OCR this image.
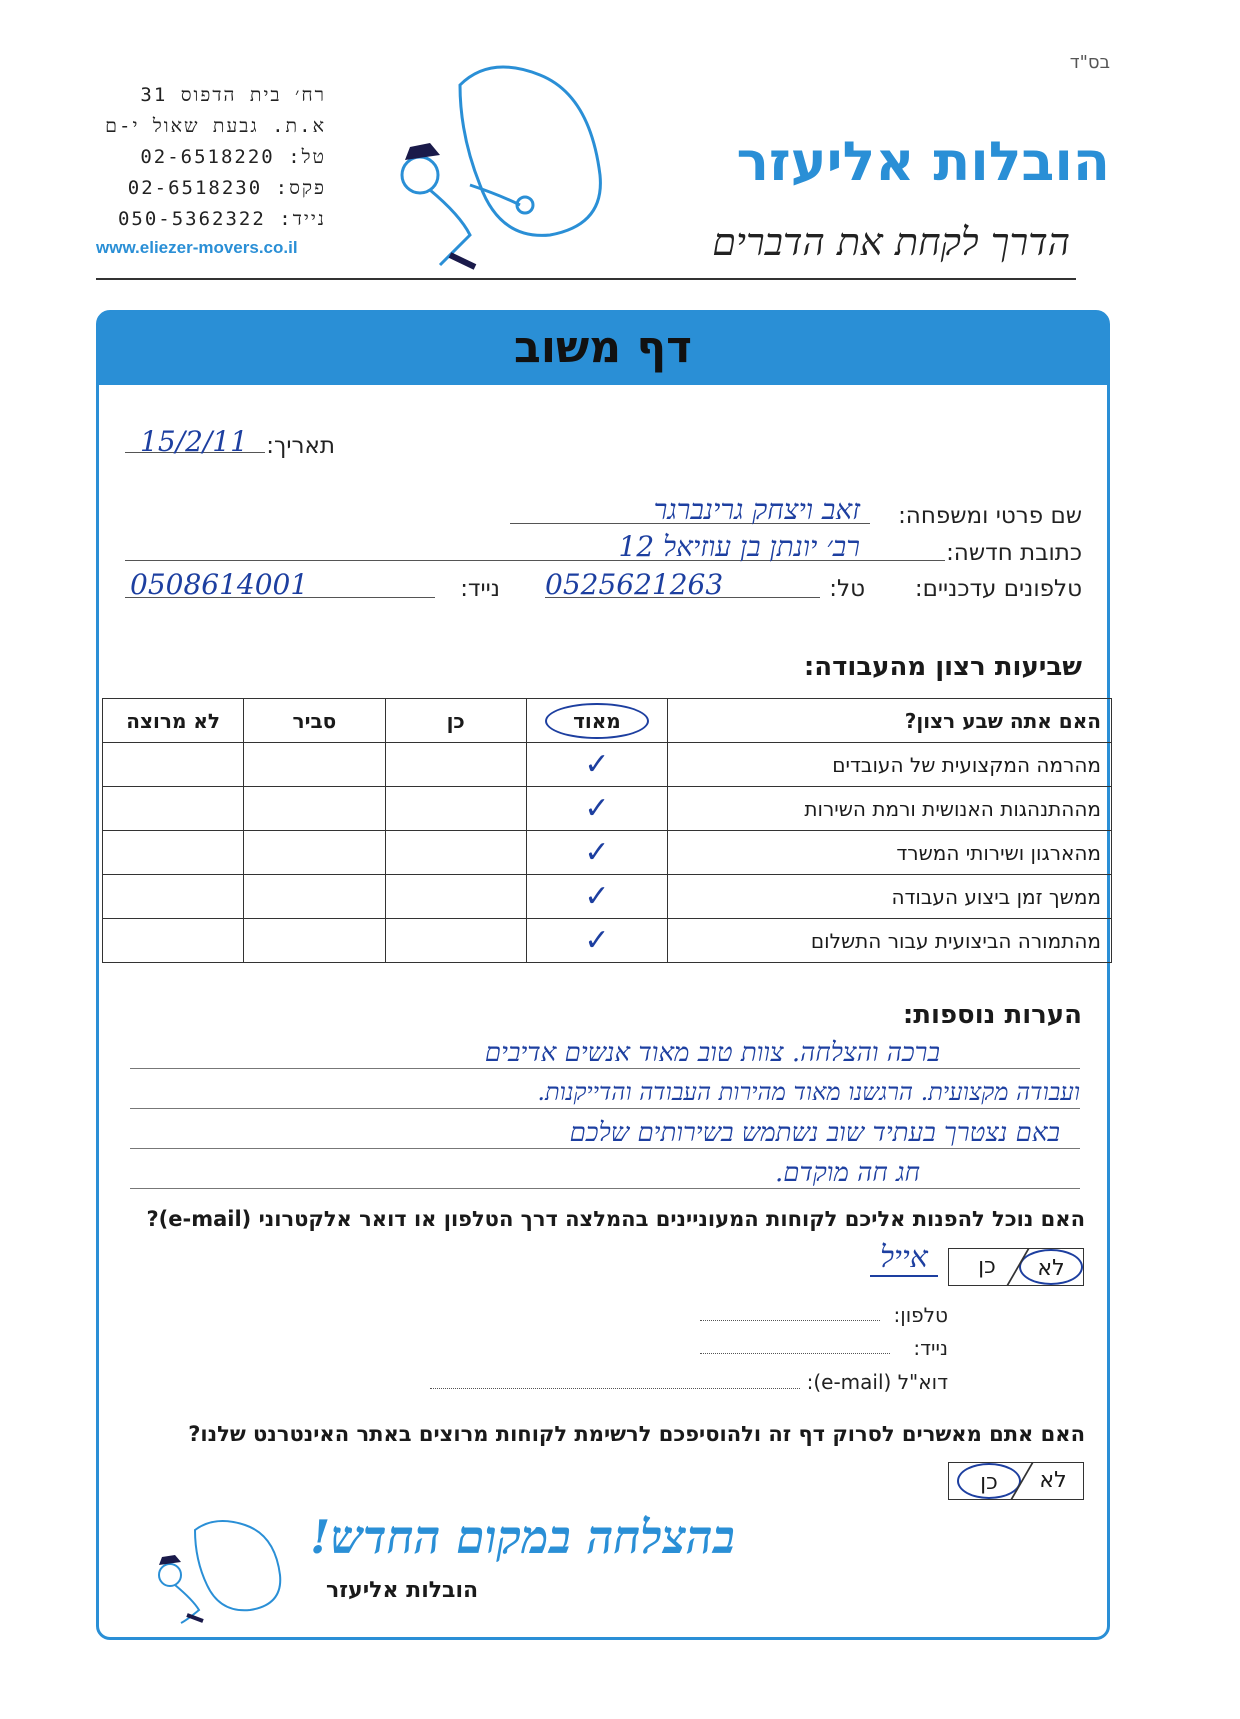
בס"ד
רח׳ בית הדפוס 31
א.ת. גבעת שאול י-ם
טל: 02-6518220
פקס: 02-6518230
נייד: 050-5362322
www.eliezer-movers.co.il
הובלות אליעזר
הדרך לקחת את הדברים
דף משוב
תאריך:
15/2/11
שם פרטי ומשפחה:
זאב ויצחק גרינברגר
כתובת חדשה:
רב׳ יונתן בן עוזיאל 12
טלפונים עדכניים:
טל:
0525621263
נייד:
0508614001
שביעות רצון מהעבודה:
האם אתה שבע רצון?	מאוד	כן	סביר	לא מרוצה
מהרמה המקצועית של העובדים	✓			
מההתנהגות האנושית ורמת השירות	✓			
מהארגון ושירותי המשרד	✓			
ממשך זמן ביצוע העבודה	✓			
מהתמורה הביצועית עבור התשלום	✓			
הערות נוספות:
ברכה והצלחה. צוות טוב מאוד אנשים אדיבים
ועבודה מקצועית. הרגשנו מאוד מהירות העבודה והדייקנות.
באם נצטרך בעתיד שוב נשתמש בשירותים שלכם
חג חה מוקדם.
האם נוכל להפנות אליכם לקוחות המעוניינים בהמלצה דרך הטלפון או דואר אלקטרוני (e-mail)?
לא
כן
אייל
טלפון:
נייד:
דוא"ל (e-mail):
האם אתם מאשרים לסרוק דף זה ולהוסיפכם לרשימת לקוחות מרוצים באתר האינטרנט שלנו?
לא
כן
בהצלחה במקום החדש!
הובלות אליעזר
